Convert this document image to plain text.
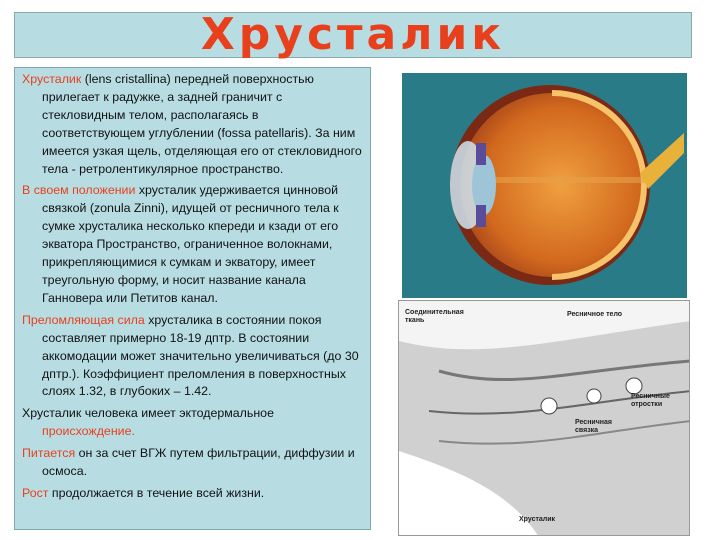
Хрусталик

Хрусталик (lens cristallina) передней поверхностью прилегает к радужке, а задней граничит с стекловидным телом, располагаясь в соответствующем углублении (fossa patellaris). За ним имеется узкая щель, отделяющая его от стекловидного тела - ретролентикулярное пространство.

В своем положении хрусталик удерживается цинновой связкой (zonula Zinni), идущей от ресничного тела к сумке хрусталика несколько кпереди и кзади от его экватора Пространство, ограниченное волокнами, прикрепляющимися к сумкам и экватору, имеет треугольную форму, и носит название канала Ганновера или Петитов канал.

Преломляющая сила хрусталика в состоянии покоя составляет примерно 18-19 дптр. В состоянии аккомодации может значительно увеличиваться (до 30 дптр.). Коэффициент преломления в поверхностных слоях 1.32, в глубоких – 1.42.

Хрусталик человека имеет эктодермальное происхождение.

Питается он за счет ВГЖ путем фильтрации, диффузии и осмоса.

Рост продолжается в течение всей жизни.

Соединительная ткань
Ресничное тело
Ресничные отростки
Ресничная связка
Хрусталик
